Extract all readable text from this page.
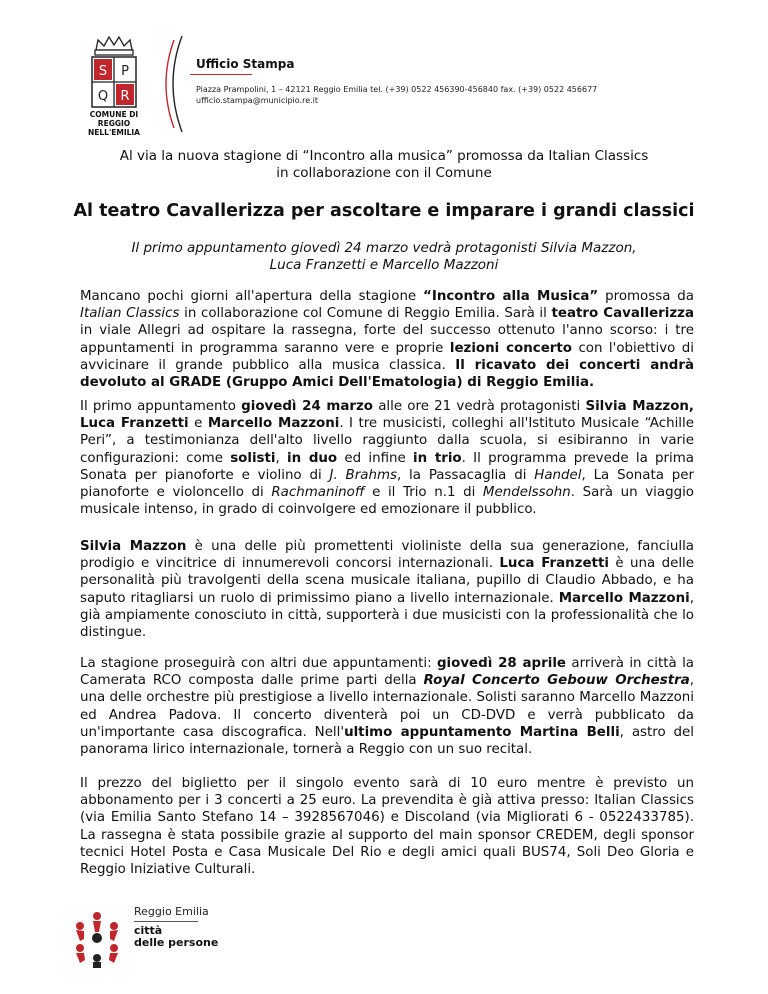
S P
Q R
COMUNE DI
REGGIO NELL'EMILIA
Ufficio Stampa
Piazza Prampolini, 1 – 42121 Reggio Emilia tel. (+39) 0522 456390-456840 fax. (+39) 0522 456677
ufficio.stampa@municipio.re.it
Al via la nuova stagione di “Incontro alla musica” promossa da Italian Classics
in collaborazione con il Comune
Al teatro Cavallerizza per ascoltare e imparare i grandi classici
Il primo appuntamento giovedì 24 marzo vedrà protagonisti Silvia Mazzon,
Luca Franzetti e Marcello Mazzoni

Mancano pochi giorni all'apertura della stagione “Incontro alla Musica” promossa da Italian Classics in collaborazione col Comune di Reggio Emilia. Sarà il teatro Cavallerizza in viale Allegri ad ospitare la rassegna, forte del successo ottenuto l'anno scorso: i tre appuntamenti in programma saranno vere e proprie lezioni concerto con l'obiettivo di avvicinare il grande pubblico alla musica classica. Il ricavato dei concerti andrà devoluto al GRADE (Gruppo Amici Dell'Ematologia) di Reggio Emilia.

Il primo appuntamento giovedì 24 marzo alle ore 21 vedrà protagonisti Silvia Mazzon, Luca Franzetti e Marcello Mazzoni. I tre musicisti, colleghi all'Istituto Musicale “Achille Peri”, a testimonianza dell'alto livello raggiunto dalla scuola, si esibiranno in varie configurazioni: come solisti, in duo ed infine in trio. Il programma prevede la prima Sonata per pianoforte e violino di J. Brahms, la Passacaglia di Handel, La Sonata per pianoforte e violoncello di Rachmaninoff e il Trio n.1 di Mendelssohn. Sarà un viaggio musicale intenso, in grado di coinvolgere ed emozionare il pubblico.

Silvia Mazzon è una delle più promettenti violiniste della sua generazione, fanciulla prodigio e vincitrice di innumerevoli concorsi internazionali. Luca Franzetti è una delle personalità più travolgenti della scena musicale italiana, pupillo di Claudio Abbado, e ha saputo ritagliarsi un ruolo di primissimo piano a livello internazionale. Marcello Mazzoni, già ampiamente conosciuto in città, supporterà i due musicisti con la professionalità che lo distingue.

La stagione proseguirà con altri due appuntamenti: giovedì 28 aprile arriverà in città la Camerata RCO composta dalle prime parti della Royal Concerto Gebouw Orchestra, una delle orchestre più prestigiose a livello internazionale. Solisti saranno Marcello Mazzoni ed Andrea Padova. Il concerto diventerà poi un CD-DVD e verrà pubblicato da un'importante casa discografica. Nell'ultimo appuntamento Martina Belli, astro del panorama lirico internazionale, tornerà a Reggio con un suo recital.

Il prezzo del biglietto per il singolo evento sarà di 10 euro mentre è previsto un abbonamento per i 3 concerti a 25 euro. La prevendita è già attiva presso: Italian Classics (via Emilia Santo Stefano 14 – 3928567046) e Discoland (via Migliorati 6 - 0522433785). La rassegna è stata possibile grazie al supporto del main sponsor CREDEM, degli sponsor tecnici Hotel Posta e Casa Musicale Del Rio e degli amici quali BUS74, Soli Deo Gloria e Reggio Iniziative Culturali.

Reggio Emilia
città
delle persone
